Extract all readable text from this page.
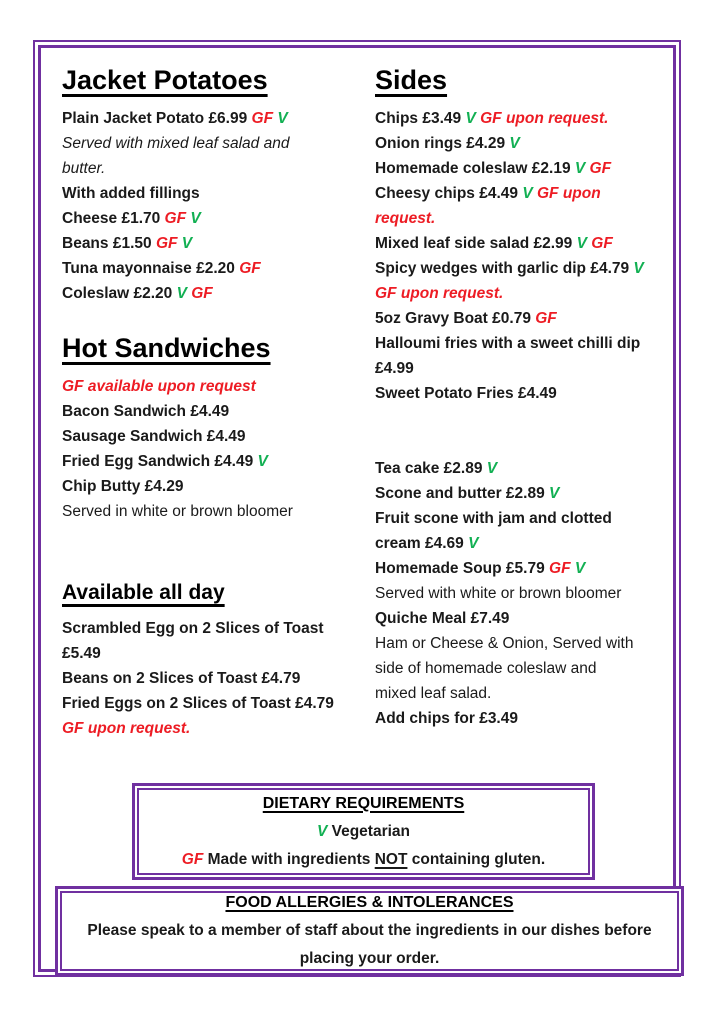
Jacket Potatoes
Plain Jacket Potato £6.99 GF V
Served with mixed leaf salad and
butter.
With added fillings
Cheese £1.70 GF V
Beans £1.50 GF V
Tuna mayonnaise £2.20 GF
Coleslaw £2.20 V GF
Hot Sandwiches
GF available upon request
Bacon Sandwich £4.49
Sausage Sandwich £4.49
Fried Egg Sandwich £4.49 V
Chip Butty £4.29
Served in white or brown bloomer
Available all day
Scrambled Egg on 2 Slices of Toast
£5.49
Beans on 2 Slices of Toast £4.79
Fried Eggs on 2 Slices of Toast £4.79
GF upon request.
Sides
Chips £3.49 V GF upon request.
Onion rings £4.29 V
Homemade coleslaw £2.19 V GF
Cheesy chips £4.49 V GF upon
request.
Mixed leaf side salad £2.99 V GF
Spicy wedges with garlic dip £4.79 V
GF upon request.
5oz Gravy Boat £0.79 GF
Halloumi fries with a sweet chilli dip
£4.99
Sweet Potato Fries £4.49
Tea cake £2.89 V
Scone and butter £2.89 V
Fruit scone with jam and clotted
cream £4.69 V
Homemade Soup £5.79 GF V
Served with white or brown bloomer
Quiche Meal £7.49
Ham or Cheese & Onion, Served with
side of homemade coleslaw and
mixed leaf salad.
Add chips for £3.49
DIETARY REQUIREMENTS
V Vegetarian
GF Made with ingredients NOT containing gluten.
FOOD ALLERGIES & INTOLERANCES
Please speak to a member of staff about the ingredients in our dishes before
placing your order.
